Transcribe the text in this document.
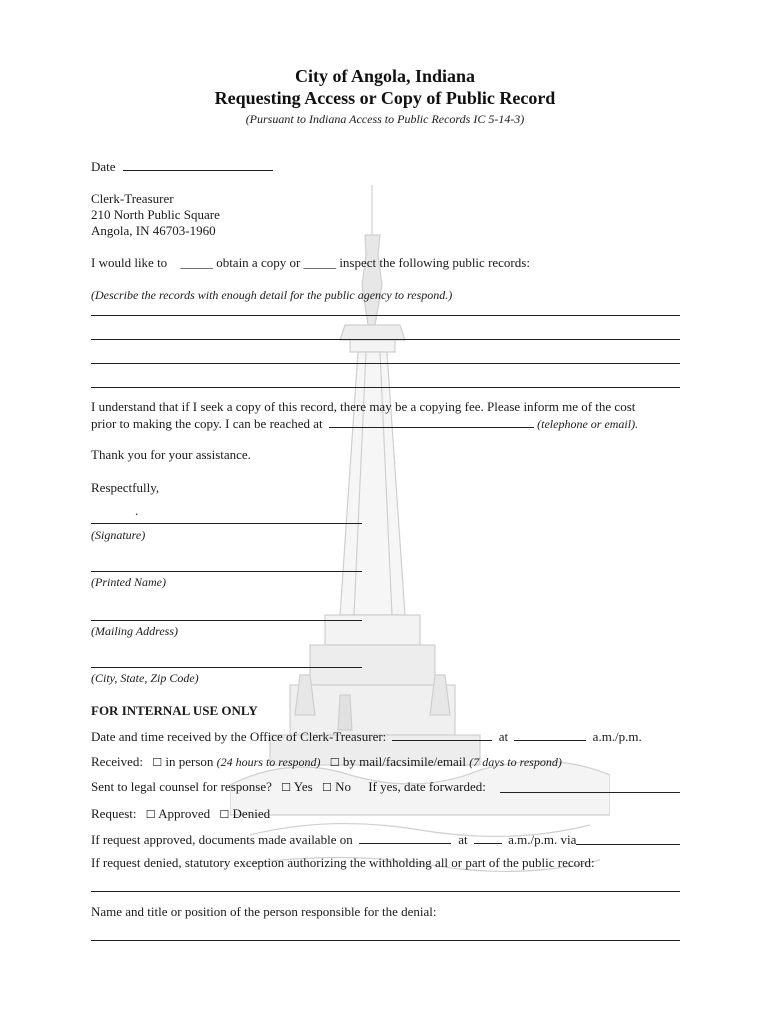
City of Angola, Indiana
Requesting Access or Copy of Public Record
(Pursuant to Indiana Access to Public Records IC 5-14-3)
Date
Clerk-Treasurer
210 North Public Square
Angola, IN 46703-1960
I would like to _____ obtain a copy or _____ inspect the following public records:
(Describe the records with enough detail for the public agency to respond.)
I understand that if I seek a copy of this record, there may be a copying fee. Please inform me of the cost
prior to making the copy. I can be reached at	(telephone or email).
Thank you for your assistance.
Respectfully,
.
(Signature)
(Printed Name)
(Mailing Address)
(City, State, Zip Code)
FOR INTERNAL USE ONLY
Date and time received by the Office of Clerk-Treasurer:	at	a.m./p.m.
Received: ☐ in person (24 hours to respond) ☐ by mail/facsimile/email (7 days to respond)
Sent to legal counsel for response? ☐ Yes ☐ No If yes, date forwarded:
Request: ☐ Approved ☐ Denied
If request approved, documents made available on	at	a.m./p.m. via
If request denied, statutory exception authorizing the withholding all or part of the public record:
Name and title or position of the person responsible for the denial:
